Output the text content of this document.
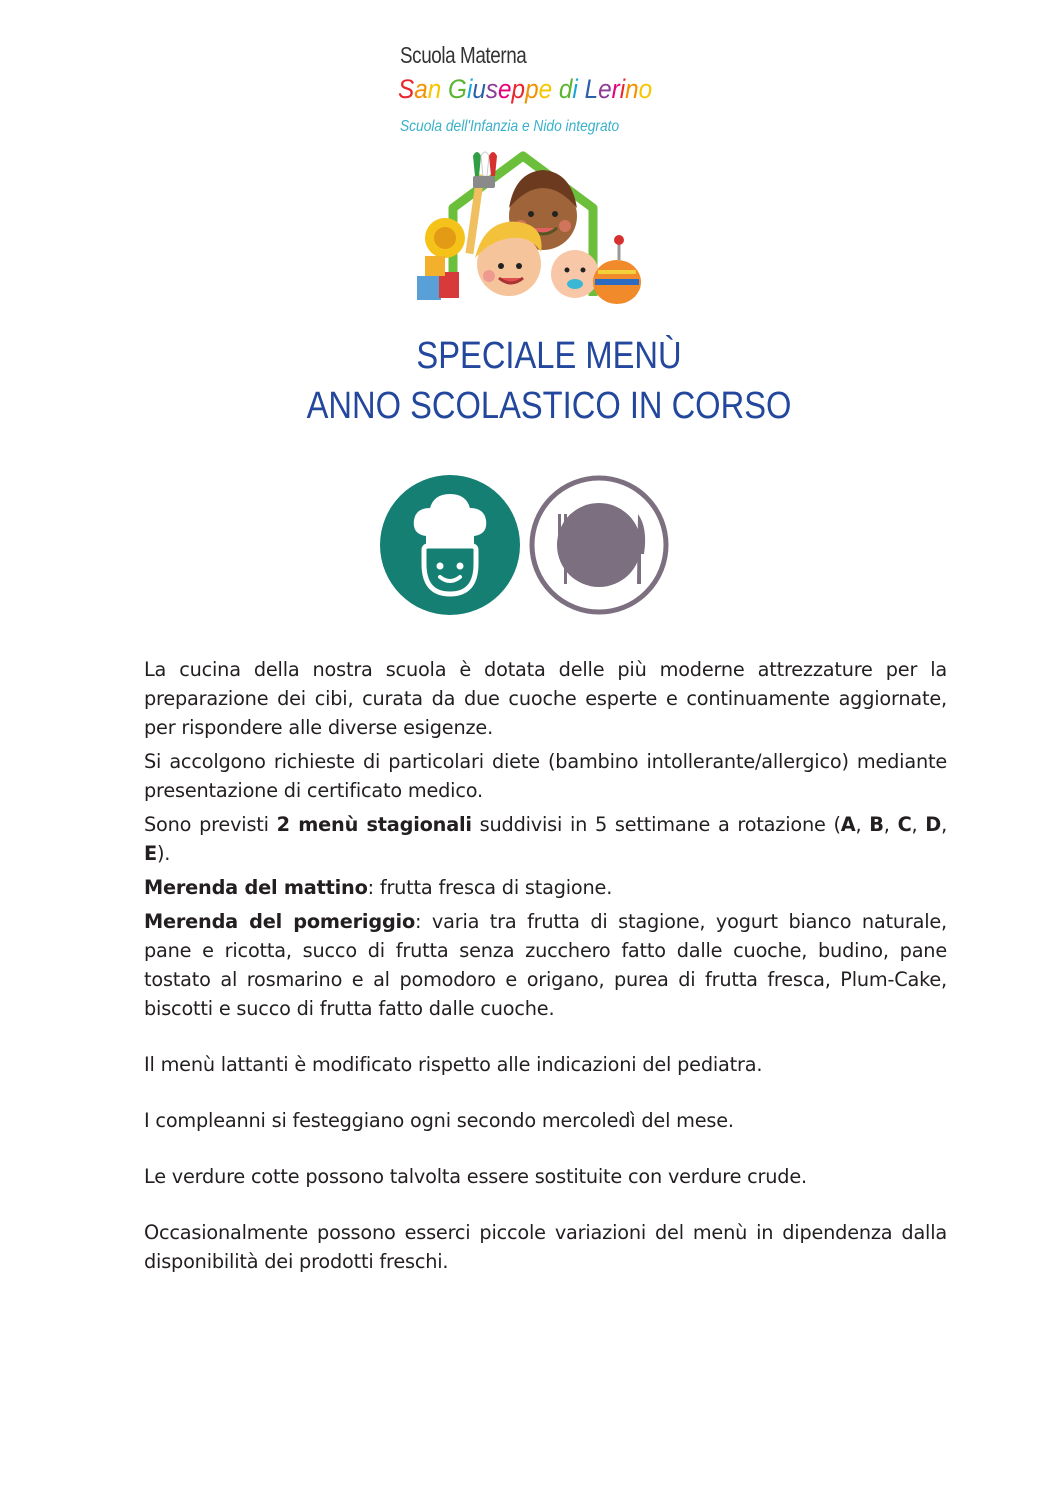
Scuola Materna
San Giuseppe di Lerino
Scuola dell'Infanzia e Nido integrato
SPECIALE MENÙ
ANNO SCOLASTICO IN CORSO

La cucina della nostra scuola è dotata delle più moderne attrezzature per la preparazione dei cibi, curata da due cuoche esperte e continuamente aggiornate, per rispondere alle diverse esigenze.

Si accolgono richieste di particolari diete (bambino intollerante/allergico) mediante presentazione di certificato medico.

Sono previsti 2 menù stagionali suddivisi in 5 settimane a rotazione (A, B, C, D, E).

Merenda del mattino: frutta fresca di stagione.

Merenda del pomeriggio: varia tra frutta di stagione, yogurt bianco naturale, pane e ricotta, succo di frutta senza zucchero fatto dalle cuoche, budino, pane tostato al rosmarino e al pomodoro e origano, purea di frutta fresca, Plum-Cake, biscotti e succo di frutta fatto dalle cuoche.

Il menù lattanti è modificato rispetto alle indicazioni del pediatra.

I compleanni si festeggiano ogni secondo mercoledì del mese.

Le verdure cotte possono talvolta essere sostituite con verdure crude.

Occasionalmente possono esserci piccole variazioni del menù in dipendenza dalla disponibilità dei prodotti freschi.
